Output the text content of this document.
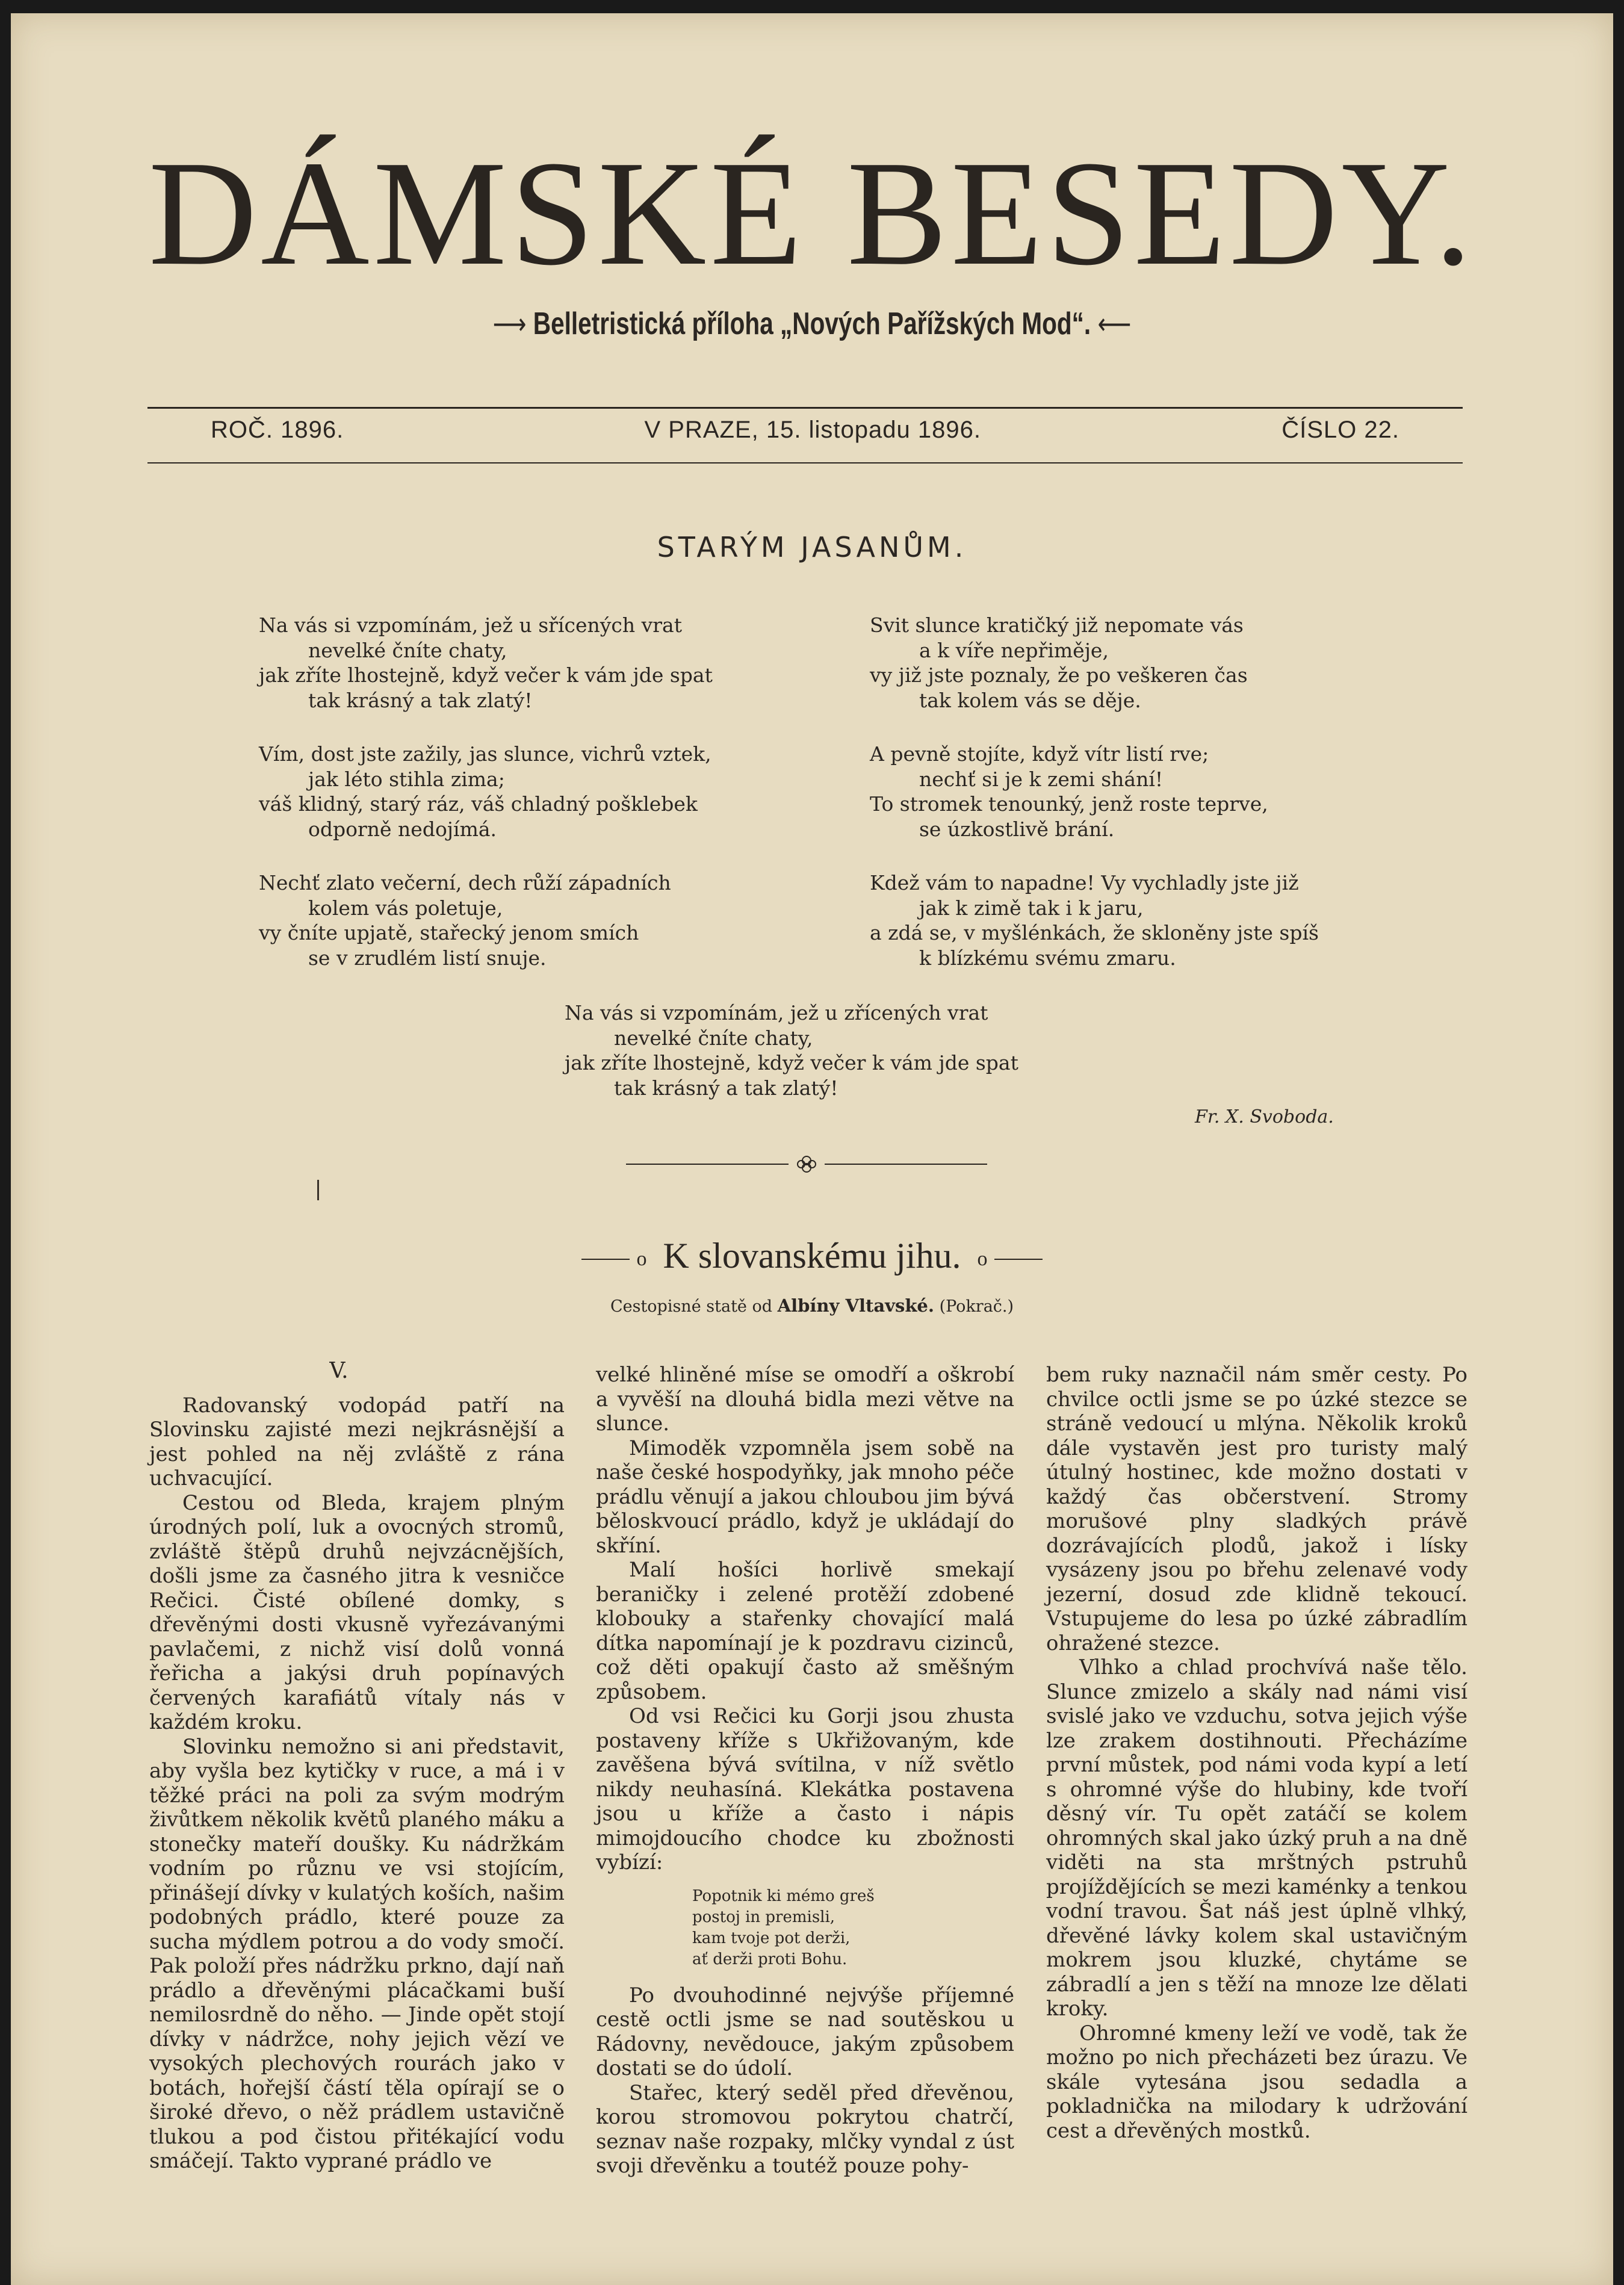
DÁMSKÉ BESEDY.
⟶ Belletristická příloha „Nových Pařížských Mod“. ⟵
ROČ. 1896.	V PRAZE, 15. listopadu 1896.	ČÍSLO 22.
STARÝM JASANŮM.
Na vás si vzpomínám, jež u sřícených vrat
nevelké čníte chaty,
jak zříte lhostejně, když večer k vám jde spat
tak krásný a tak zlatý!
Vím, dost jste zažily, jas slunce, vichrů vztek,
jak léto stihla zima;
váš klidný, starý ráz, váš chladný pošklebek
odporně nedojímá.
Nechť zlato večerní, dech růží západních
kolem vás poletuje,
vy čníte upjatě, stařecký jenom smích
se v zrudlém listí snuje.
Svit slunce kratičký již nepomate vás
a k víře nepřiměje,
vy již jste poznaly, že po veškeren čas
tak kolem vás se děje.
A pevně stojíte, když vítr listí rve;
nechť si je k zemi shání!
To stromek tenounký, jenž roste teprve,
se úzkostlivě brání.
Kdež vám to napadne! Vy vychladly jste již
jak k zimě tak i k jaru,
a zdá se, v myšlénkách, že skloněny jste spíš
k blízkému svému zmaru.
Na vás si vzpomínám, jež u zřícených vrat
nevelké čníte chaty,
jak zříte lhostejně, když večer k vám jde spat
tak krásný a tak zlatý!
Fr. X. Svoboda.
o K slovanskému jihu. o
Cestopisné statě od Albíny Vltavské. (Pokrač.)
V.

Radovanský vodopád patří na Slovinsku zajisté mezi nejkrásnější a jest pohled na něj zvláště z rána uchvacující.

Cestou od Bleda, krajem plným úrodných polí, luk a ovocných stromů, zvláště štěpů druhů nejvzácnějších, došli jsme za časného jitra k vesničce Rečici. Čisté obílené domky, s dřevěnými dosti vkusně vyřezávanými pavlačemi, z nichž visí dolů vonná řeřicha a jakýsi druh popínavých červených karafiátů vítaly nás v každém kroku.

Slovinku nemožno si ani představit, aby vyšla bez kytičky v ruce, a má i v těžké práci na poli za svým modrým živůtkem několik květů planého máku a stonečky mateří doušky. Ku nádržkám vodním po různu ve vsi stojícím, přinášejí dívky v kulatých koších, našim podobných prádlo, které pouze za sucha mýdlem potrou a do vody smočí. Pak položí přes nádržku prkno, dají naň prádlo a dřevěnými plácačkami buší nemilosrdně do něho. — Jinde opět stojí dívky v nádržce, nohy jejich vězí ve vysokých plechových rourách jako v botách, hořejší částí těla opírají se o široké dřevo, o něž prádlem ustavičně tlukou a pod čistou přitékající vodu smáčejí. Takto vyprané prádlo ve

velké hliněné míse se omodří a oškrobí a vyvěší na dlouhá bidla mezi větve na slunce.

Mimoděk vzpomněla jsem sobě na naše české hospodyňky, jak mnoho péče prádlu věnují a jakou chloubou jim bývá běloskvoucí prádlo, když je ukládají do skříní.

Malí hošíci horlivě smekají beraničky i zelené protěží zdobené klobouky a stařenky chovající malá dítka napomínají je k pozdravu cizinců, což děti opakují často až směšným způsobem.

Od vsi Rečici ku Gorji jsou zhusta postaveny kříže s Ukřižovaným, kde zavěšena bývá svítilna, v níž světlo nikdy neuhasíná. Klekátka postavena jsou u kříže a často i nápis mimojdoucího chodce ku zbožnosti vybízí:

Popotnik ki mémo greš
postoj in premisli,
kam tvoje pot derži,
ať derži proti Bohu.

Po dvouhodinné nejvýše příjemné cestě octli jsme se nad soutěskou u Rádovny, nevědouce, jakým způsobem dostati se do údolí.

Stařec, který seděl před dřevěnou, korou stromovou pokrytou chatrčí, seznav naše rozpaky, mlčky vyndal z úst svoji dřevěnku a toutéž pouze pohy-

bem ruky naznačil nám směr cesty. Po chvilce octli jsme se po úzké stezce se stráně vedoucí u mlýna. Několik kroků dále vystavěn jest pro turisty malý útulný hostinec, kde možno dostati v každý čas občerstvení. Stromy morušové plny sladkých právě dozrávajících plodů, jakož i lísky vysázeny jsou po břehu zelenavé vody jezerní, dosud zde klidně tekoucí. Vstupujeme do lesa po úzké zábradlím ohražené stezce.

Vlhko a chlad prochvívá naše tělo. Slunce zmizelo a skály nad námi visí svislé jako ve vzduchu, sotva jejich výše lze zrakem dostihnouti. Přecházíme první můstek, pod námi voda kypí a letí s ohromné výše do hlubiny, kde tvoří děsný vír. Tu opět zatáčí se kolem ohromných skal jako úzký pruh a na dně viděti na sta mrštných pstruhů projíždějících se mezi kaménky a tenkou vodní travou. Šat náš jest úplně vlhký, dřevěné lávky kolem skal ustavičným mokrem jsou kluzké, chytáme se zábradlí a jen s těží na mnoze lze dělati kroky.

Ohromné kmeny leží ve vodě, tak že možno po nich přecházeti bez úrazu. Ve skále vytesána jsou sedadla a pokladnička na milodary k udržování cest a dřevěných mostků.
